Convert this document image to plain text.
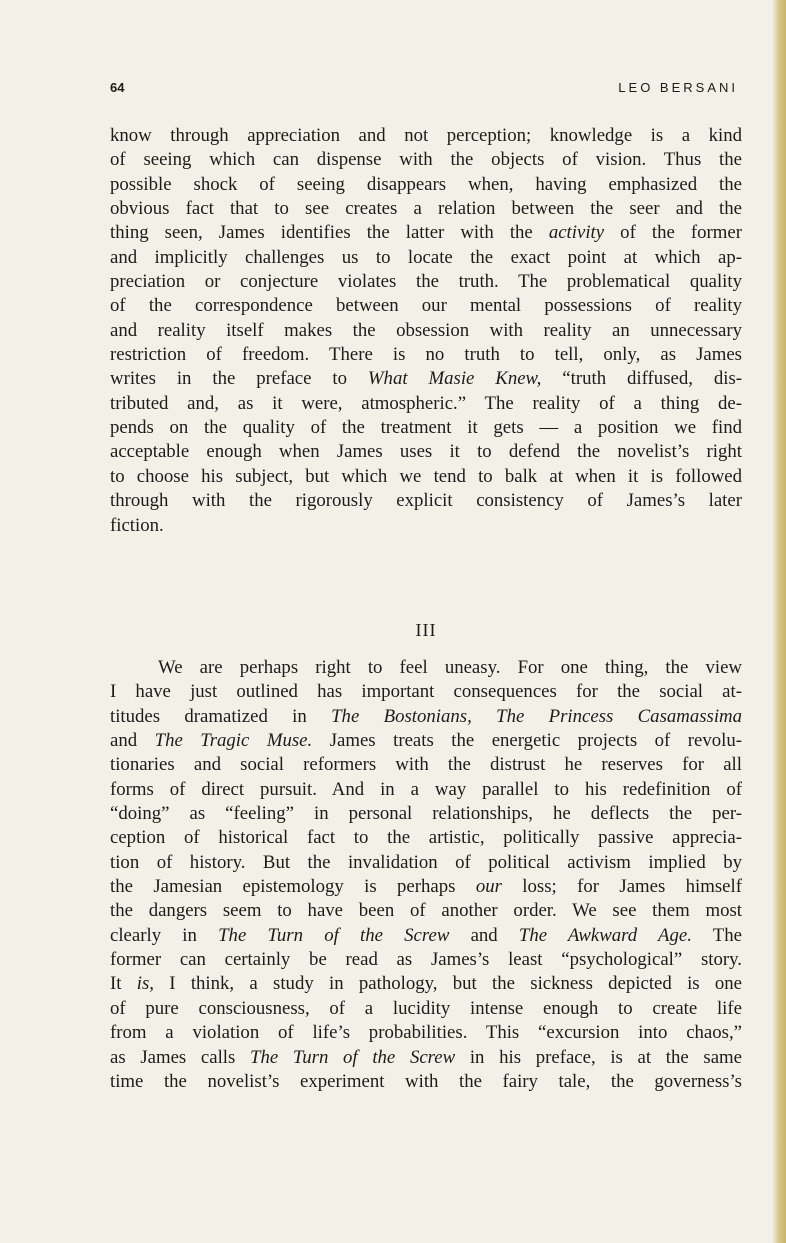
64	LEO BERSANI
know through appreciation and not perception; knowledge is a kind
of seeing which can dispense with the objects of vision. Thus the
possible shock of seeing disappears when, having emphasized the
obvious fact that to see creates a relation between the seer and the
thing seen, James identifies the latter with the activity of the former
and implicitly challenges us to locate the exact point at which ap-
preciation or conjecture violates the truth. The problematical quality
of the correspondence between our mental possessions of reality
and reality itself makes the obsession with reality an unnecessary
restriction of freedom. There is no truth to tell, only, as James
writes in the preface to What Masie Knew, “truth diffused, dis-
tributed and, as it were, atmospheric.” The reality of a thing de-
pends on the quality of the treatment it gets — a position we find
acceptable enough when James uses it to defend the novelist’s right
to choose his subject, but which we tend to balk at when it is followed
through with the rigorously explicit consistency of James’s later
fiction.
III
We are perhaps right to feel uneasy. For one thing, the view
I have just outlined has important consequences for the social at-
titudes dramatized in The Bostonians, The Princess Casamassima
and The Tragic Muse. James treats the energetic projects of revolu-
tionaries and social reformers with the distrust he reserves for all
forms of direct pursuit. And in a way parallel to his redefinition of
“doing” as “feeling” in personal relationships, he deflects the per-
ception of historical fact to the artistic, politically passive apprecia-
tion of history. But the invalidation of political activism implied by
the Jamesian epistemology is perhaps our loss; for James himself
the dangers seem to have been of another order. We see them most
clearly in The Turn of the Screw and The Awkward Age. The
former can certainly be read as James’s least “psychological” story.
It is, I think, a study in pathology, but the sickness depicted is one
of pure consciousness, of a lucidity intense enough to create life
from a violation of life’s probabilities. This “excursion into chaos,”
as James calls The Turn of the Screw in his preface, is at the same
time the novelist’s experiment with the fairy tale, the governess’s
